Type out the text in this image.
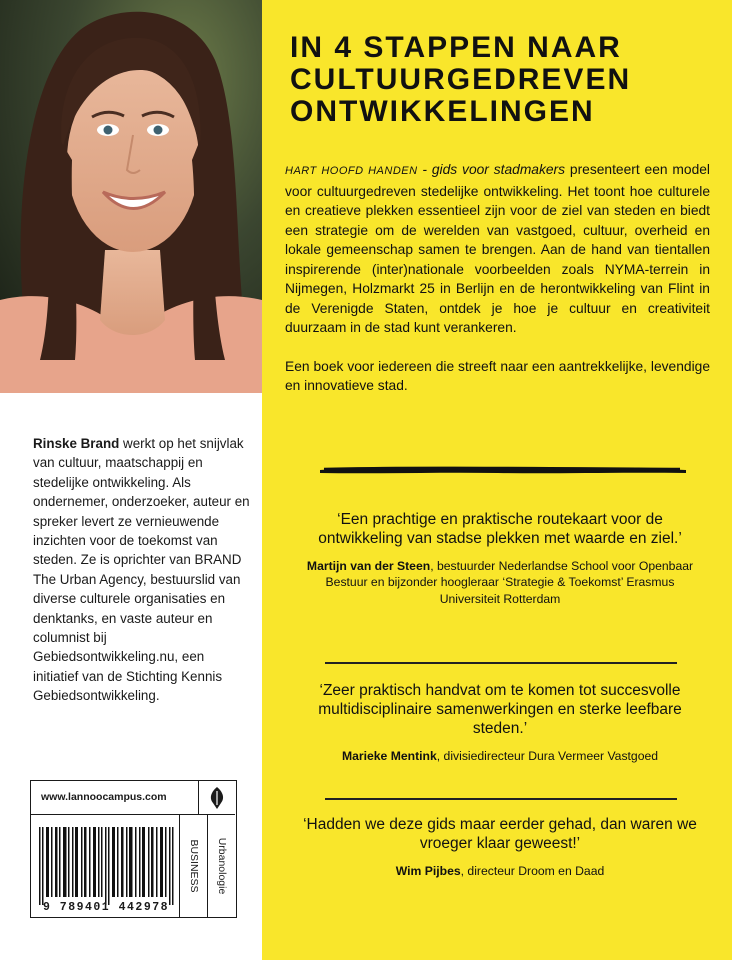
Rinske Brand werkt op het snijvlak van cultuur, maatschappij en stedelijke ontwikkeling. Als ondernemer, onderzoeker, auteur en spreker levert ze vernieuwende inzichten voor de toekomst van steden. Ze is oprichter van BRAND The Urban Agency, bestuurslid van diverse culturele organisaties en denktanks, en vaste auteur en columnist bij Gebiedsontwikkeling.nu, een initiatief van de Stichting Kennis Gebiedsontwikkeling.
www.lannoocampus.com
9 789401 442978
BUSINESS Urbanologie
IN 4 STAPPEN NAAR CULTUURGEDREVEN ONTWIKKELINGEN

HART HOOFD HANDEN - gids voor stadmakers presenteert een model voor cultuurgedreven stedelijke ontwikkeling. Het toont hoe culturele en creatieve plekken essentieel zijn voor de ziel van steden en biedt een strategie om de werelden van vastgoed, cultuur, overheid en lokale gemeenschap samen te brengen. Aan de hand van tientallen inspirerende (inter)nationale voorbeelden zoals NYMA-terrein in Nijmegen, Holzmarkt 25 in Berlijn en de herontwikkeling van Flint in de Verenigde Staten, ontdek je hoe je cultuur en creativiteit duurzaam in de stad kunt verankeren.

Een boek voor iedereen die streeft naar een aantrekkelijke, levendige en innovatieve stad.

‘Een prachtige en praktische routekaart voor de ontwikkeling van stadse plekken met waarde en ziel.’
Martijn van der Steen, bestuurder Nederlandse School voor Openbaar Bestuur en bijzonder hoogleraar ‘Strategie & Toekomst’ Erasmus Universiteit Rotterdam
‘Zeer praktisch handvat om te komen tot succesvolle multidisciplinaire samenwerkingen en sterke leefbare steden.’
Marieke Mentink, divisiedirecteur Dura Vermeer Vastgoed
‘Hadden we deze gids maar eerder gehad, dan waren we vroeger klaar geweest!’
Wim Pijbes, directeur Droom en Daad
